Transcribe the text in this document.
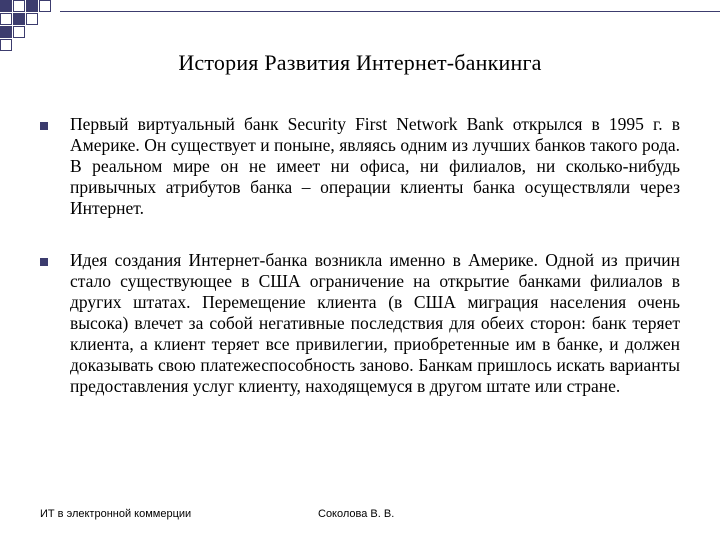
История Развития Интернет-банкинга
Первый виртуальный банк Security First Network Bank открылся в 1995 г. в Америке. Он существует и поныне, являясь одним из лучших банков такого рода. В реальном мире он не имеет ни офиса, ни филиалов, ни сколько-нибудь привычных атрибутов банка – операции клиенты банка осуществляли через Интернет.
Идея создания Интернет-банка возникла именно в Америке. Одной из причин стало существующее в США ограничение на открытие банками филиалов в других штатах. Перемещение клиента (в США миграция населения очень высока) влечет за собой негативные последствия для обеих сторон: банк теряет клиента, а клиент теряет все привилегии, приобретенные им в банке, и должен доказывать свою платежеспособность заново. Банкам пришлось искать варианты предоставления услуг клиенту, находящемуся в другом штате или стране.
ИТ в электронной коммерции	Соколова В. В.
